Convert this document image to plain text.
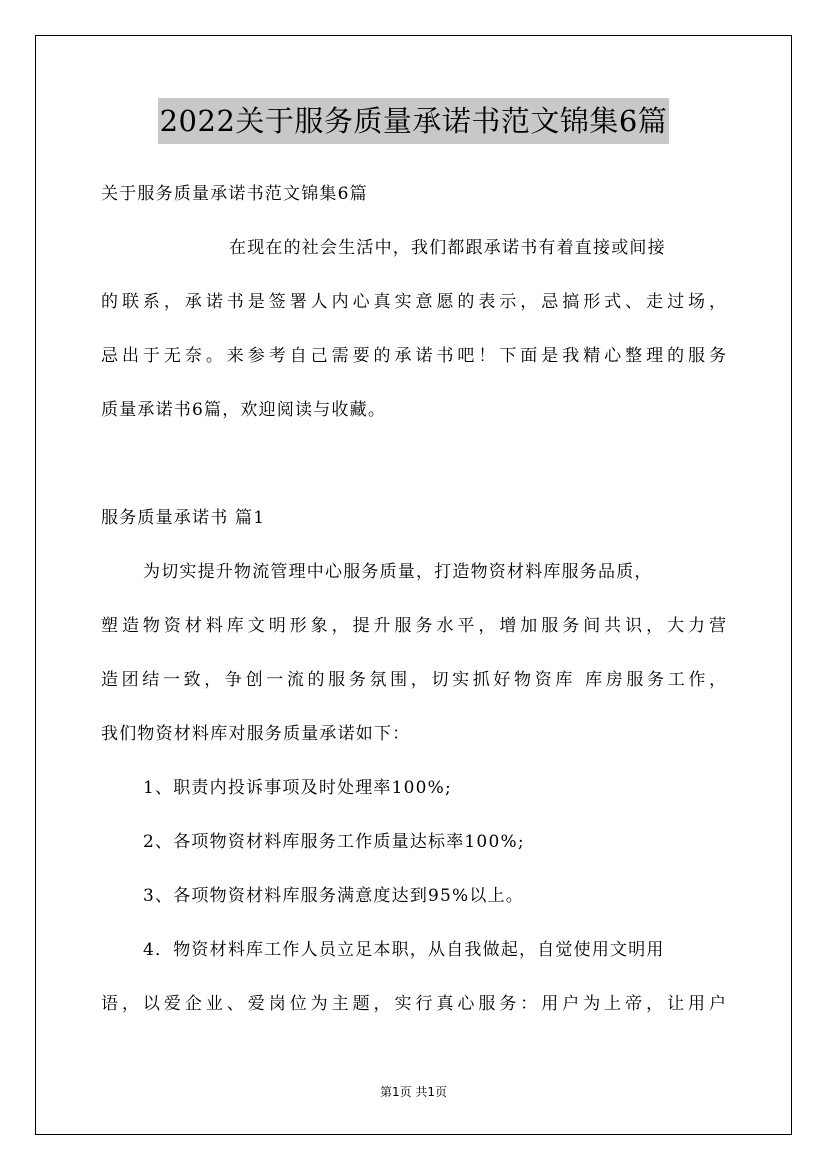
2022关于服务质量承诺书范文锦集6篇
关于服务质量承诺书范文锦集6篇
在现在的社会生活中，我们都跟承诺书有着直接或间接
的联系，承诺书是签署人内心真实意愿的表示，忌搞形式、走过场，
忌出于无奈。来参考自己需要的承诺书吧！下面是我精心整理的服务
质量承诺书6篇，欢迎阅读与收藏。
服务质量承诺书 篇1
为切实提升物流管理中心服务质量，打造物资材料库服务品质，
塑造物资材料库文明形象，提升服务水平，增加服务间共识，大力营
造团结一致，争创一流的服务氛围，切实抓好物资库 库房服务工作，
我们物资材料库对服务质量承诺如下：
1、职责内投诉事项及时处理率100%;
2、各项物资材料库服务工作质量达标率100%;
3、各项物资材料库服务满意度达到95%以上。
4．物资材料库工作人员立足本职，从自我做起，自觉使用文明用
语，以爱企业、爱岗位为主题，实行真心服务：用户为上帝，让用户
第1页 共1页
